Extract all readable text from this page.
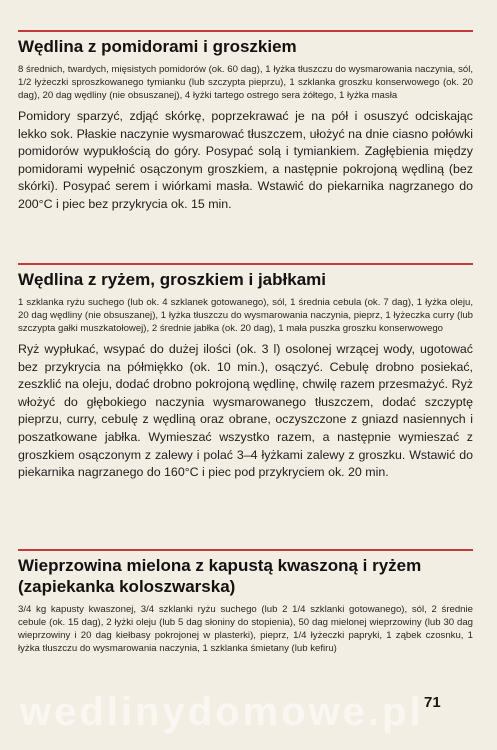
Wędlina z pomidorami i groszkiem

8 średnich, twardych, mięsistych pomidorów (ok. 60 dag), 1 łyżka tłuszczu do wysmarowania naczynia, sól, 1/2 łyżeczki sproszkowanego tymianku (lub szczypta pieprzu), 1 szklanka groszku konserwowego (ok. 20 dag), 20 dag wędliny (nie obsuszanej), 4 łyżki tartego ostrego sera żółtego, 1 łyżka masła

Pomidory sparzyć, zdjąć skórkę, poprzekrawać je na pół i osuszyć odciskając lekko sok. Płaskie naczynie wysmarować tłuszczem, ułożyć na dnie ciasno połówki pomidorów wypukłością do góry. Posypać solą i tymiankiem. Zagłębienia między pomidorami wypełnić osączonym groszkiem, a następnie pokrojoną wędliną (bez skórki). Posypać serem i wiórkami masła. Wstawić do piekarnika nagrzanego do 200°C i piec bez przykrycia ok. 15 min.

Wędlina z ryżem, groszkiem i jabłkami

1 szklanka ryżu suchego (lub ok. 4 szklanek gotowanego), sól, 1 średnia cebula (ok. 7 dag), 1 łyżka oleju, 20 dag wędliny (nie obsuszanej), 1 łyżka tłuszczu do wysmarowania naczynia, pieprz, 1 łyżeczka curry (lub szczypta gałki muszkatołowej), 2 średnie jabłka (ok. 20 dag), 1 mała puszka groszku konserwowego

Ryż wypłukać, wsypać do dużej ilości (ok. 3 l) osolonej wrzącej wody, ugotować bez przykrycia na półmiękko (ok. 10 min.), osączyć. Cebulę drobno posiekać, zeszklić na oleju, dodać drobno pokrojoną wędlinę, chwilę razem przesmażyć. Ryż włożyć do głębokiego naczynia wysmarowanego tłuszczem, dodać szczyptę pieprzu, curry, cebulę z wędliną oraz obrane, oczyszczone z gniazd nasiennych i poszatkowane jabłka. Wymieszać wszystko razem, a następnie wymieszać z groszkiem osączonym z zalewy i polać 3–4 łyżkami zalewy z groszku. Wstawić do piekarnika nagrzanego do 160°C i piec pod przykryciem ok. 20 min.

Wieprzowina mielona z kapustą kwaszoną i ryżem (zapiekanka koloszwarska)

3/4 kg kapusty kwaszonej, 3/4 szklanki ryżu suchego (lub 2 1/4 szklanki gotowanego), sól, 2 średnie cebule (ok. 15 dag), 2 łyżki oleju (lub 5 dag słoniny do stopienia), 50 dag mielonej wieprzowiny (lub 30 dag wieprzowiny i 20 dag kiełbasy pokrojonej w plasterki), pieprz, 1/4 łyżeczki papryki, 1 ząbek czosnku, 1 łyżka tłuszczu do wysmarowania naczynia, 1 szklanka śmietany (lub kefiru)

wedlinydomowe.pl 71
